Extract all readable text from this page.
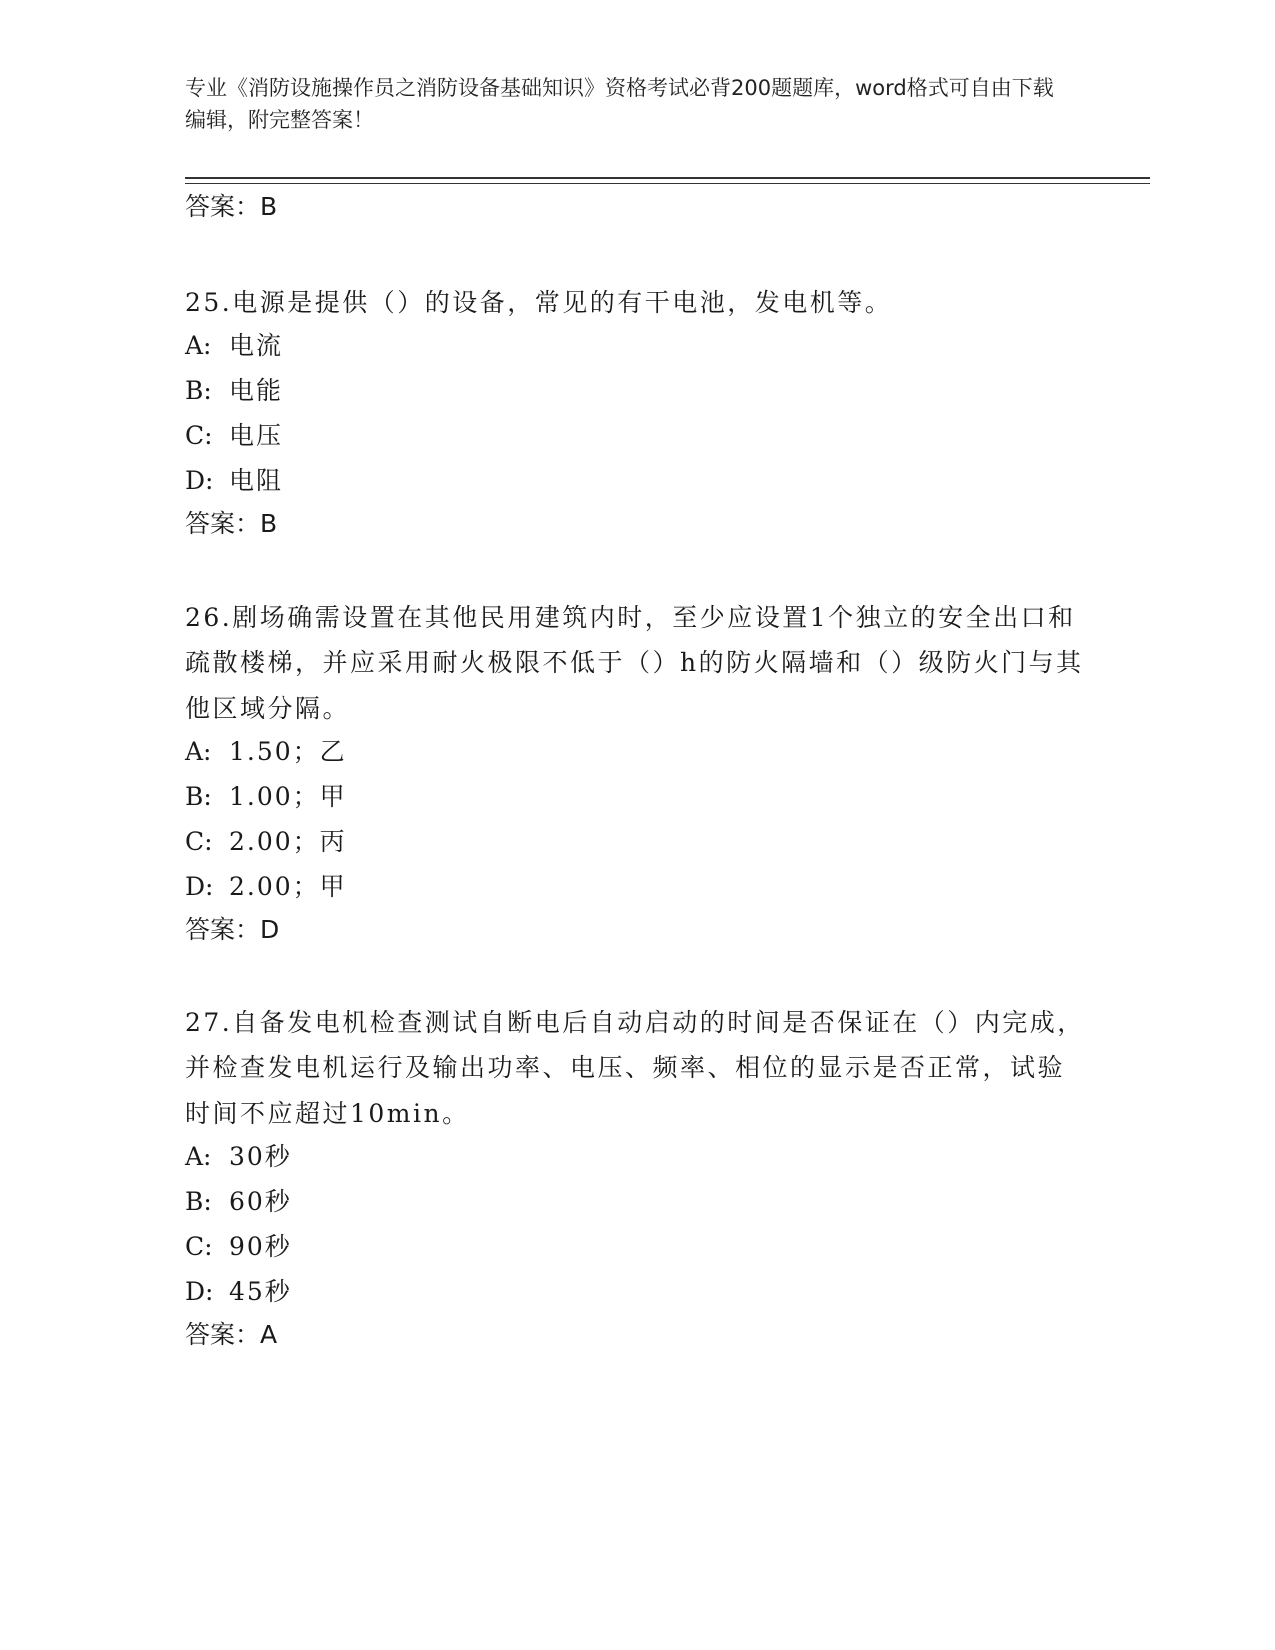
专业《消防设施操作员之消防设备基础知识》资格考试必背200题题库，word格式可自由下载编辑，附完整答案！
答案：B
25.电源是提供（）的设备，常见的有干电池，发电机等。
A: 电流
B: 电能
C: 电压
D: 电阻
答案：B
26.剧场确需设置在其他民用建筑内时，至少应设置1个独立的安全出口和疏散楼梯，并应采用耐火极限不低于（）h的防火隔墙和（）级防火门与其他区域分隔。
A: 1.50；乙
B: 1.00；甲
C: 2.00；丙
D: 2.00；甲
答案：D
27.自备发电机检查测试自断电后自动启动的时间是否保证在（）内完成，并检查发电机运行及输出功率、电压、频率、相位的显示是否正常，试验时间不应超过10min。
A: 30秒
B: 60秒
C: 90秒
D: 45秒
答案：A
